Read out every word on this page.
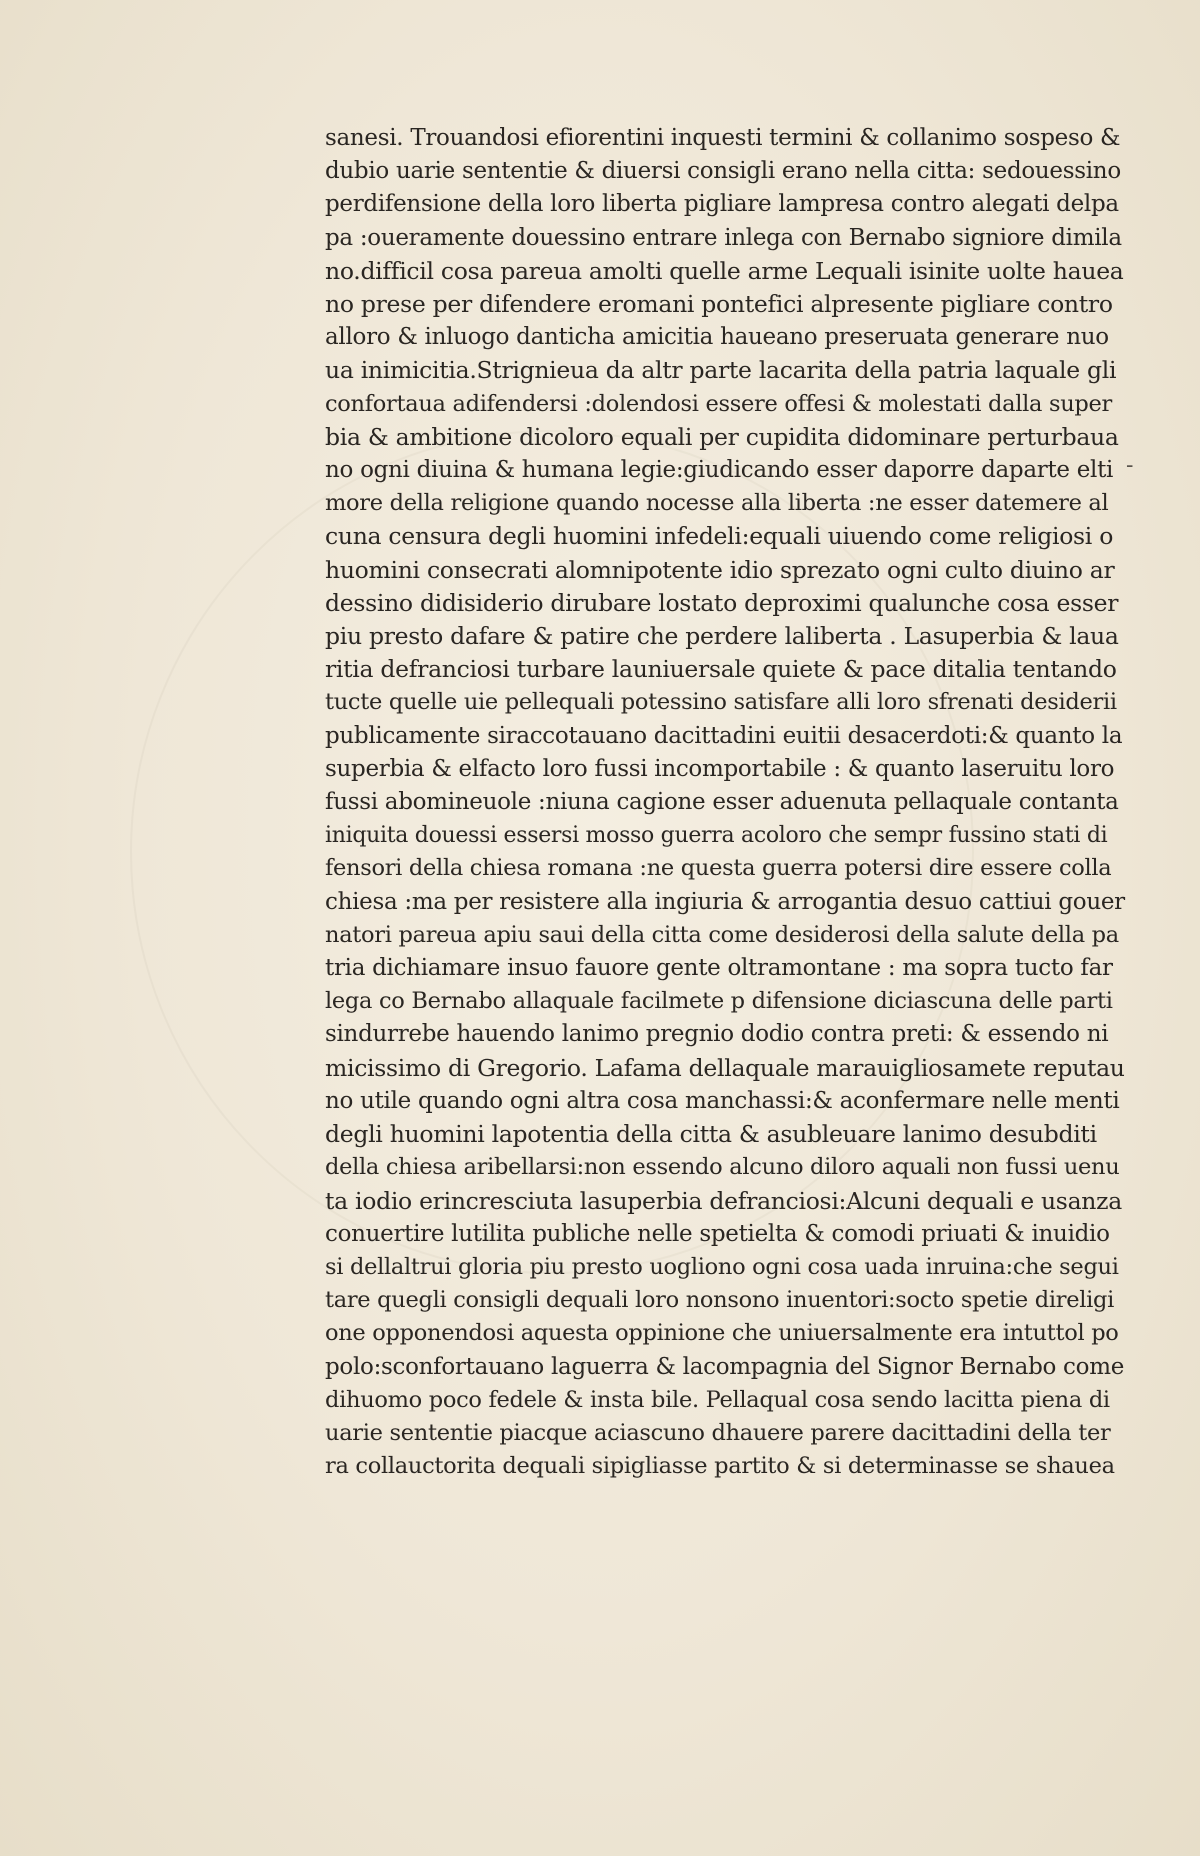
sanesi. Trouandosi efiorentini inquesti termini & collanimo sospeso &
dubio uarie sententie & diuersi consigli erano nella citta: sedouessino
perdifensione della loro liberta pigliare lampresa contro alegati delpa
pa :oueramente douessino entrare inlega con Bernabo signiore dimila
no.difficil cosa pareua amolti quelle arme Lequali isinite uolte hauea
no prese per difendere eromani pontefici alpresente pigliare contro
alloro & inluogo danticha amicitia haueano preseruata generare nuo
ua inimicitia.Strignieua da altr parte lacarita della patria laquale gli
confortaua adifendersi :dolendosi essere offesi & molestati dalla super
bia & ambitione dicoloro equali per cupidita didominare perturbaua
no ogni diuina & humana legie:giudicando esser daporre daparte elti
more della religione quando nocesse alla liberta :ne esser datemere al
cuna censura degli huomini infedeli:equali uiuendo come religiosi o
huomini consecrati alomnipotente idio sprezato ogni culto diuino ar
dessino didisiderio dirubare lostato deproximi qualunche cosa esser
piu presto dafare & patire che perdere laliberta . Lasuperbia & laua
ritia defranciosi turbare launiuersale quiete & pace ditalia tentando
tucte quelle uie pellequali potessino satisfare alli loro sfrenati desiderii
publicamente siraccotauano dacittadini euitii desacerdoti:& quanto la
superbia & elfacto loro fussi incomportabile : & quanto laseruitu loro
fussi abomineuole :niuna cagione esser aduenuta pellaquale contanta
iniquita douessi essersi mosso guerra acoloro che sempr fussino stati di
fensori della chiesa romana :ne questa guerra potersi dire essere colla
chiesa :ma per resistere alla ingiuria & arrogantia desuo cattiui gouer
natori pareua apiu saui della citta come desiderosi della salute della pa
tria dichiamare insuo fauore gente oltramontane : ma sopra tucto far
lega co Bernabo allaquale facilmete p difensione diciascuna delle parti
sindurrebe hauendo lanimo pregnio dodio contra preti: & essendo ni
micissimo di Gregorio. Lafama dellaquale marauigliosamete reputau
no utile quando ogni altra cosa manchassi:& aconfermare nelle menti
degli huomini lapotentia della citta & asubleuare lanimo desubditi
della chiesa aribellarsi:non essendo alcuno diloro aquali non fussi uenu
ta iodio erincresciuta lasuperbia defranciosi:Alcuni dequali e usanza
conuertire lutilita publiche nelle spetielta & comodi priuati & inuidio
si dellaltrui gloria piu presto uogliono ogni cosa uada inruina:che segui
tare quegli consigli dequali loro nonsono inuentori:socto spetie direligi
one opponendosi aquesta oppinione che uniuersalmente era intuttol po
polo:sconfortauano laguerra & lacompagnia del Signor Bernabo come
dihuomo poco fedele & insta bile. Pellaqual cosa sendo lacitta piena di
uarie sententie piacque aciascuno dhauere parere dacittadini della ter
ra collauctorita dequali sipigliasse partito & si determinasse se shauea
-
